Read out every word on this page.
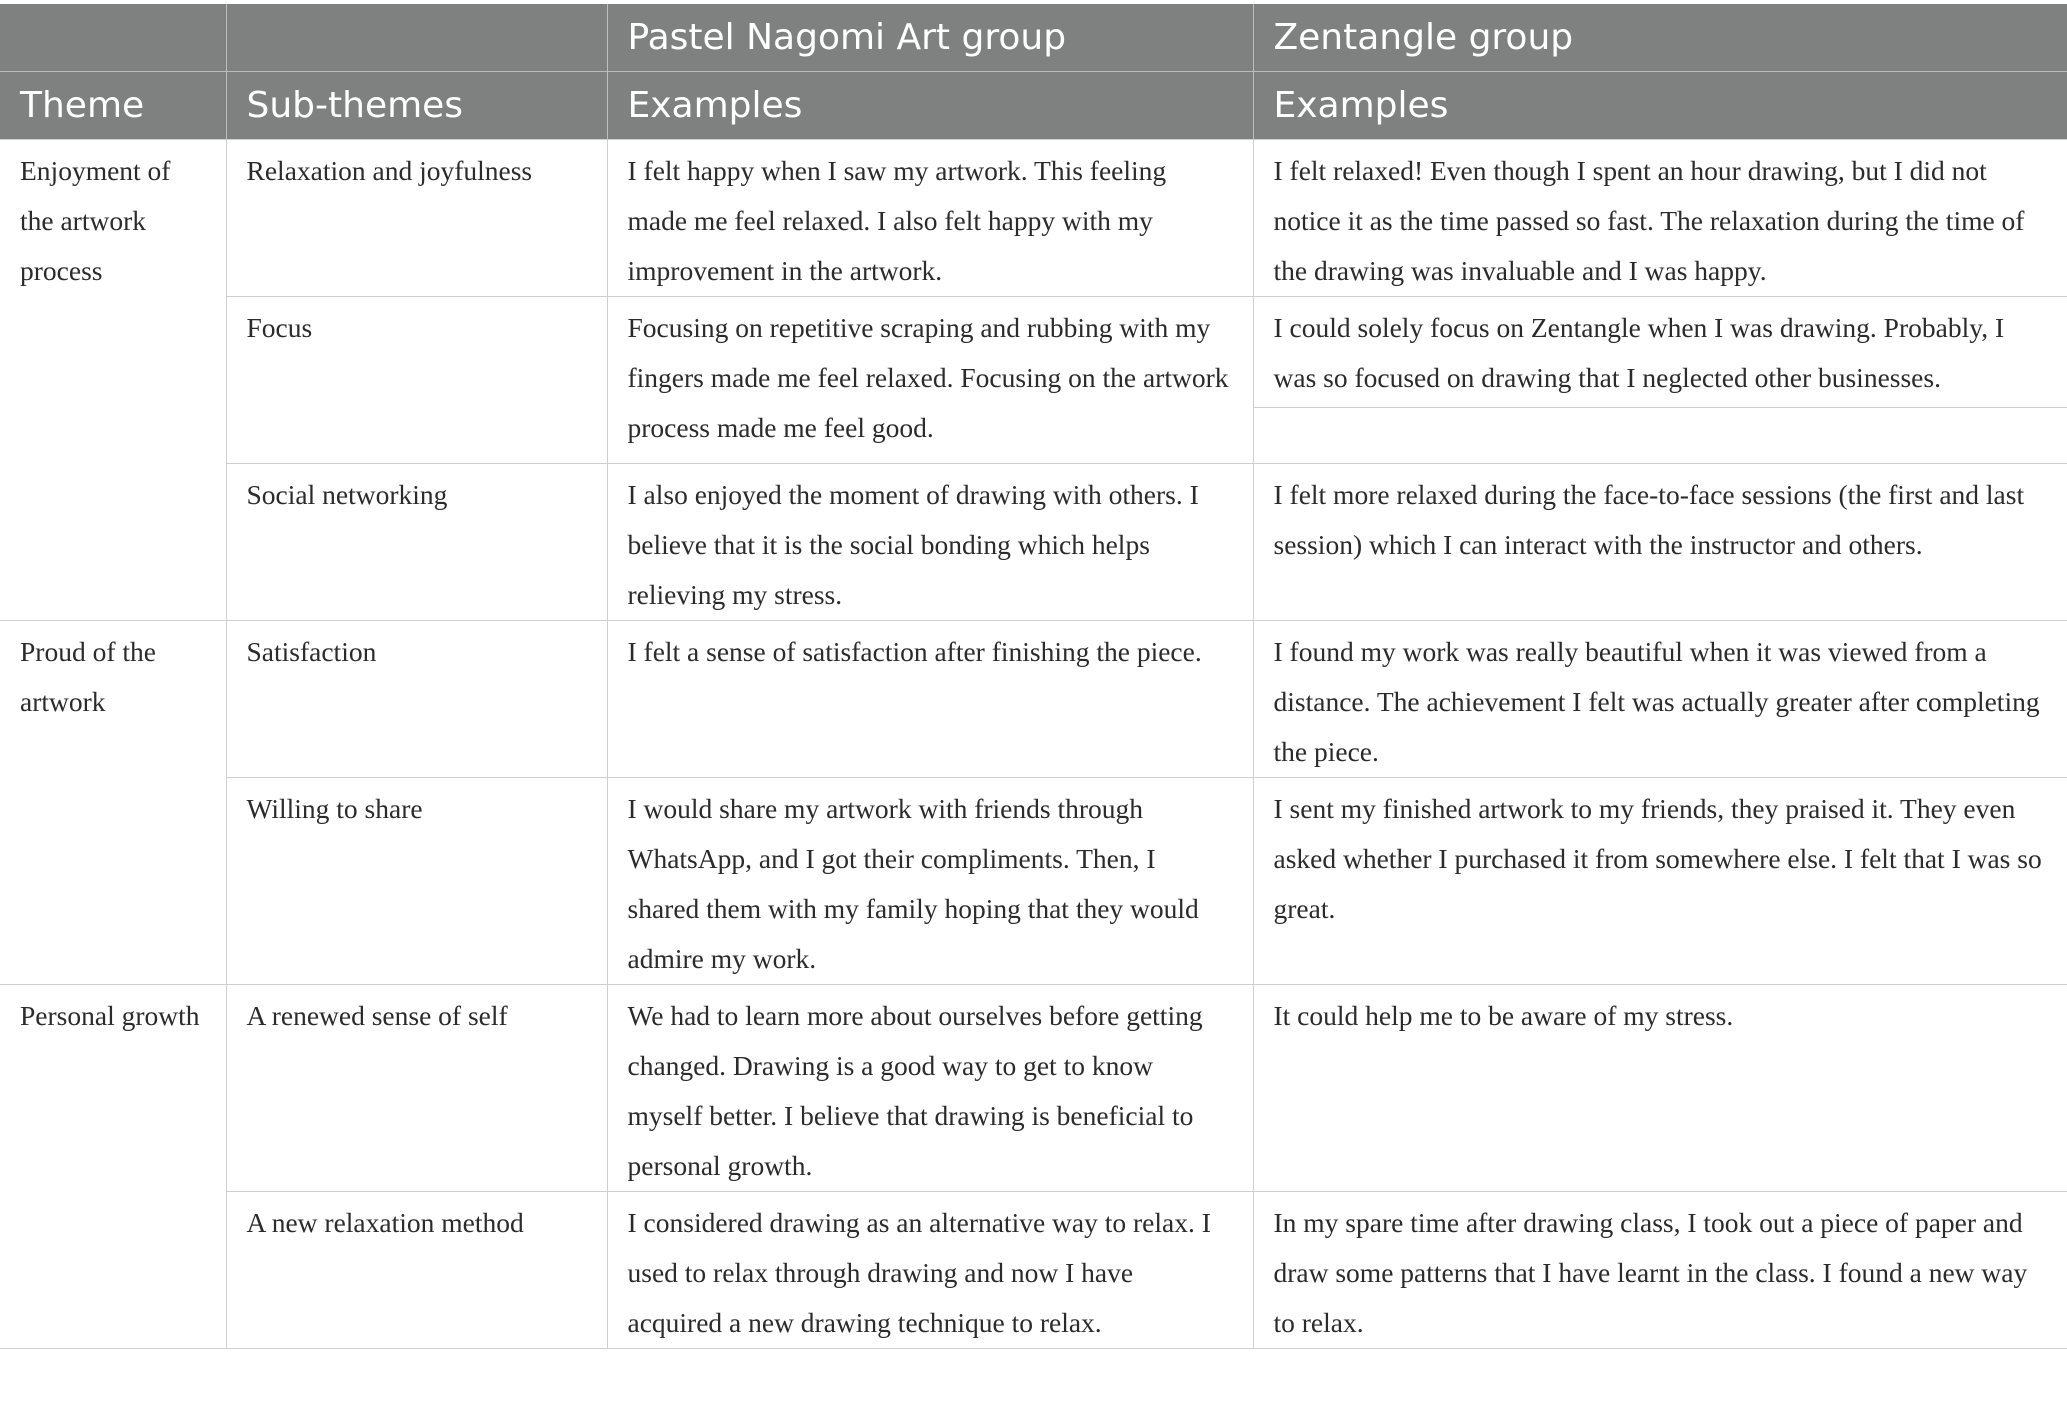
		Pastel Nagomi Art group	Zentangle group
Theme	Sub-themes	Examples	Examples
Enjoyment of the artwork process	Relaxation and joyfulness	I felt happy when I saw my artwork. This feeling made me feel relaxed. I also felt happy with my improvement in the artwork.	I felt relaxed! Even though I spent an hour drawing, but I did not notice it as the time passed so fast. The relaxation during the time of the drawing was invaluable and I was happy.
	Focus	Focusing on repetitive scraping and rubbing with my fingers made me feel relaxed. Focusing on the artwork process made me feel good.	I could solely focus on Zentangle when I was drawing. Probably, I was so focused on drawing that I neglected other businesses.

	Social networking	I also enjoyed the moment of drawing with others. I believe that it is the social bonding which helps relieving my stress.	I felt more relaxed during the face-to-face sessions (the first and last session) which I can interact with the instructor and others.
Proud of the artwork	Satisfaction	I felt a sense of satisfaction after finishing the piece.	I found my work was really beautiful when it was viewed from a distance. The achievement I felt was actually greater after completing the piece.
	Willing to share	I would share my artwork with friends through WhatsApp, and I got their compliments. Then, I shared them with my family hoping that they would admire my work.	I sent my finished artwork to my friends, they praised it. They even asked whether I purchased it from somewhere else. I felt that I was so great.
Personal growth	A renewed sense of self	We had to learn more about ourselves before getting changed. Drawing is a good way to get to know myself better. I believe that drawing is beneficial to personal growth.	It could help me to be aware of my stress.
	A new relaxation method	I considered drawing as an alternative way to relax. I used to relax through drawing and now I have acquired a new drawing technique to relax.	In my spare time after drawing class, I took out a piece of paper and draw some patterns that I have learnt in the class. I found a new way to relax.
